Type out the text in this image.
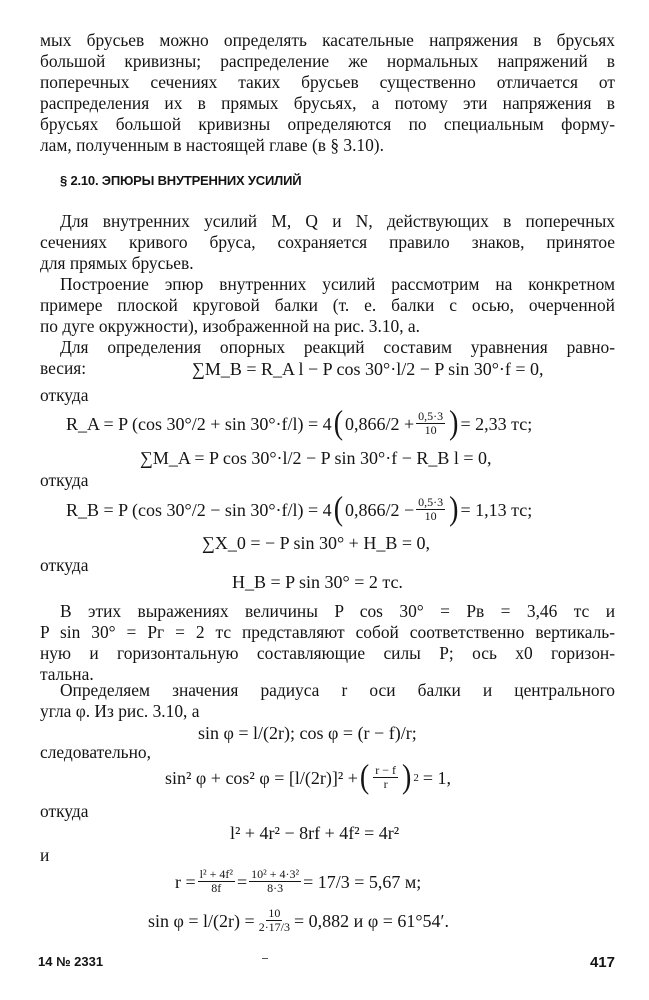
мых брусьев можно определять касательные напряжения в брусьях
большой кривизны; распределение же нормальных напряжений в
поперечных сечениях таких брусьев существенно отличается от
распределения их в прямых брусьях, а потому эти напряжения в
брусьях большой кривизны определяются по специальным форму-
лам, полученным в настоящей главе (в § 3.10).
§ 2.10. ЭПЮРЫ ВНУТРЕННИХ УСИЛИЙ
Для внутренних усилий M, Q и N, действующих в поперечных
сечениях кривого бруса, сохраняется правило знаков, принятое
для прямых брусьев.
Построение эпюр внутренних усилий рассмотрим на конкретном
примере плоской круговой балки (т. е. балки с осью, очерченной
по дуге окружности), изображенной на рис. 3.10, а.
Для определения опорных реакций составим уравнения равно-
весия:	∑M_B = R_A l − P cos 30°·l/2 − P sin 30°·f = 0,
откуда
R_A = P (cos 30°/2 + sin 30°·f/l) = 4 ( $0,866/2 + \frac{0,5\cdot 3}{10}$ ) = 2,33 тс;
∑M_A = P cos 30°·l/2 − P sin 30°·f − R_B l = 0,
откуда
R_B = P (cos 30°/2 − sin 30°·f/l) = 4 ( $0,866/2 - \frac{0,5\cdot 3}{10}$ ) = 1,13 тс;
∑X_0 = − P sin 30° + H_B = 0,
откуда
H_B = P sin 30° = 2 тс.
В этих выражениях величины P cos 30° = Pв = 3,46 тс и
P sin 30° = Pг = 2 тс представляют собой соответственно вертикаль-
ную и горизонтальную составляющие силы P; ось x0 горизон-
тальна.
Определяем значения радиуса r оси балки и центрального
угла φ. Из рис. 3.10, а
sin φ = l/(2r); cos φ = (r − f)/r;
следовательно,
sin² φ + cos² φ = [l/(2r)]² + ( $\frac{r - f}{r}$ ) 2 = 1,
откуда
l² + 4r² − 8rf + 4f² = 4r²
и
$r = \frac{\text{l² + 4f²}}{8f} = \frac{\text{10² + 4·3²}}{8\cdot 3} = 17/3 = 5,67$ м;
$\sin \varphi = l/(2r) = \frac{10}{2\cdot 17/3} = 0,882$ и φ = 61°54′.
14 № 2331	417
